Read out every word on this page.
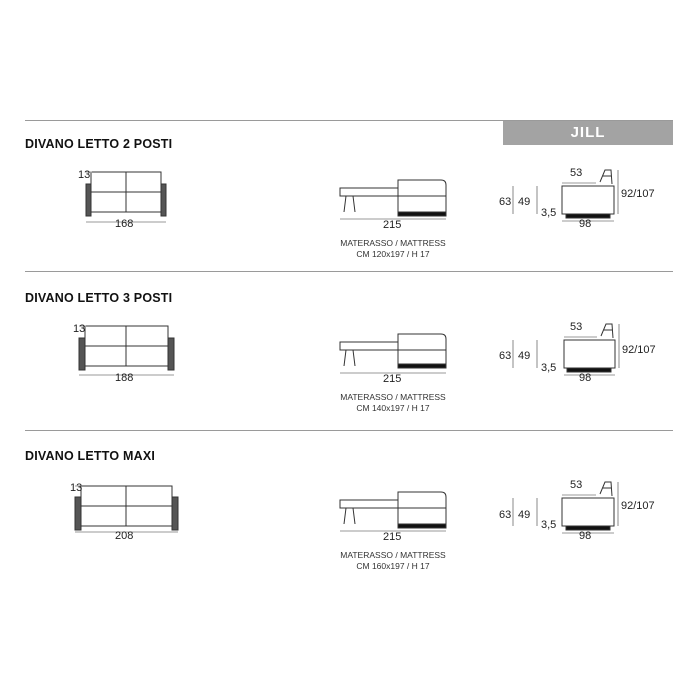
JILL
DIVANO LETTO 2 POSTI
13
168	215
MATERASSO / MATTRESS
CM 120x197 / H 17
63 49
3,5
53
92/107
98
DIVANO LETTO 3 POSTI
13
188	215
MATERASSO / MATTRESS
CM 140x197 / H 17
63 49
3,5
53
92/107
98
DIVANO LETTO MAXI
13
208	215
MATERASSO / MATTRESS
CM 160x197 / H 17
63 49
3,5
53
92/107
98
